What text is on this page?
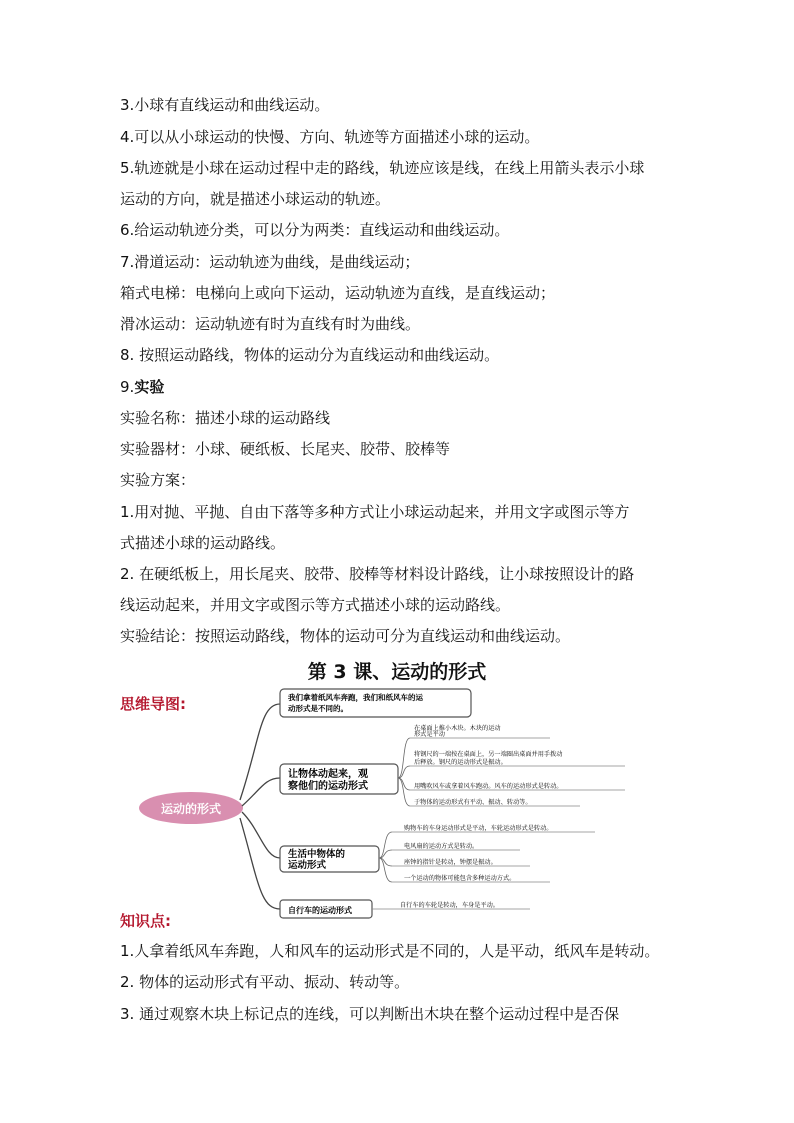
3.小球有直线运动和曲线运动。
4.可以从小球运动的快慢、方向、轨迹等方面描述小球的运动。
5.轨迹就是小球在运动过程中走的路线，轨迹应该是线，在线上用箭头表示小球
运动的方向，就是描述小球运动的轨迹。
6.给运动轨迹分类，可以分为两类：直线运动和曲线运动。
7.滑道运动：运动轨迹为曲线，是曲线运动；
箱式电梯：电梯向上或向下运动，运动轨迹为直线，是直线运动；
滑冰运动：运动轨迹有时为直线有时为曲线。
8. 按照运动路线，物体的运动分为直线运动和曲线运动。
9.实验
实验名称：描述小球的运动路线
实验器材：小球、硬纸板、长尾夹、胶带、胶棒等
实验方案：
1.用对抛、平抛、自由下落等多种方式让小球运动起来，并用文字或图示等方
式描述小球的运动路线。
2. 在硬纸板上，用长尾夹、胶带、胶棒等材料设计路线，让小球按照设计的路
线运动起来，并用文字或图示等方式描述小球的运动路线。
实验结论：按照运动路线，物体的运动可分为直线运动和曲线运动。
第 3 课、运动的形式
思维导图:
运动的形式
我们拿着纸风车奔跑，我们和纸风车的运
动形式是不同的。
让物体动起来，观
察他们的运动形式
在桌面上推小木块。木块的运动
形式是平动
将钢尺的一端按在桌面上，另一端圈出桌面并用手拨动
后释放。钢尺的运动形式是振动。
用嘴吹风车或拿着风车跑动。风车的运动形式是转动。
于物体的运动形式有平动、振动、转动等。
生活中物体的
运动形式
购物车的车身运动形式是平动，车轮运动形式是转动。
电风扇的运动方式是转动。
座钟的指针是转动，钟摆是振动。
一个运动的物体可能包含多种运动方式。
自行车的运动形式
自行车的车轮是转动，车身是平动。
知识点:
1.人拿着纸风车奔跑，人和风车的运动形式是不同的，人是平动，纸风车是转动。
2. 物体的运动形式有平动、振动、转动等。
3. 通过观察木块上标记点的连线，可以判断出木块在整个运动过程中是否保
